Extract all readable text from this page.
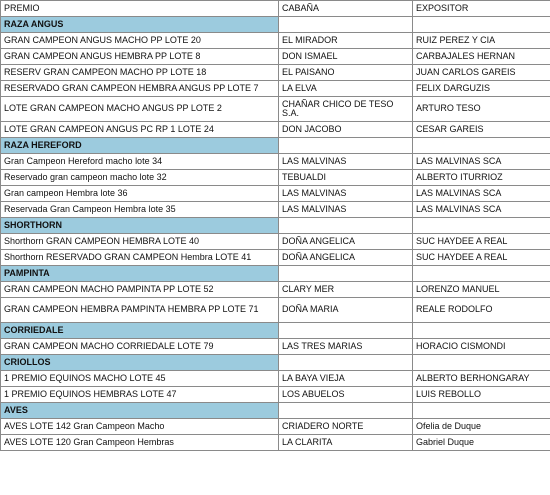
PREMIO	CABAÑA	EXPOSITOR
RAZA ANGUS		
GRAN CAMPEON ANGUS MACHO PP LOTE 20	EL MIRADOR	RUIZ PEREZ Y CIA
GRAN CAMPEON ANGUS HEMBRA PP LOTE 8	DON ISMAEL	CARBAJALES HERNAN
RESERV GRAN CAMPEON MACHO PP LOTE 18	EL PAISANO	JUAN CARLOS GAREIS
RESERVADO GRAN CAMPEON HEMBRA ANGUS PP LOTE 7	LA ELVA	FELIX DARGUZIS
LOTE GRAN CAMPEON MACHO ANGUS PP LOTE 2	CHAÑAR CHICO DE TESO S.A.	ARTURO TESO
LOTE GRAN CAMPEON ANGUS PC RP 1 LOTE 24	DON JACOBO	CESAR GAREIS
RAZA HEREFORD		
Gran Campeon Hereford macho lote 34	LAS MALVINAS	LAS MALVINAS SCA
Reservado gran campeon macho lote 32	TEBUALDI	ALBERTO ITURRIOZ
Gran campeon Hembra lote 36	LAS MALVINAS	LAS MALVINAS SCA
Reservada Gran Campeon Hembra lote 35	LAS MALVINAS	LAS MALVINAS SCA
SHORTHORN		
Shorthorn GRAN CAMPEON HEMBRA LOTE 40	DOÑA ANGELICA	SUC HAYDEE A REAL
Shorthorn RESERVADO GRAN CAMPEON Hembra LOTE 41	DOÑA ANGELICA	SUC HAYDEE A REAL
PAMPINTA		
GRAN CAMPEON MACHO PAMPINTA PP LOTE 52	CLARY MER	LORENZO MANUEL
GRAN CAMPEON HEMBRA PAMPINTA HEMBRA PP LOTE 71	DOÑA MARIA	REALE RODOLFO
CORRIEDALE		
GRAN CAMPEON MACHO CORRIEDALE LOTE 79	LAS TRES MARIAS	HORACIO CISMONDI
CRIOLLOS		
1 PREMIO EQUINOS MACHO LOTE 45	LA BAYA VIEJA	ALBERTO BERHONGARAY
1 PREMIO EQUINOS HEMBRAS LOTE 47	LOS ABUELOS	LUIS REBOLLO
AVES		
AVES LOTE 142 Gran Campeon Macho	CRIADERO NORTE	Ofelia de Duque
AVES LOTE 120 Gran Campeon Hembras	LA CLARITA	Gabriel Duque
